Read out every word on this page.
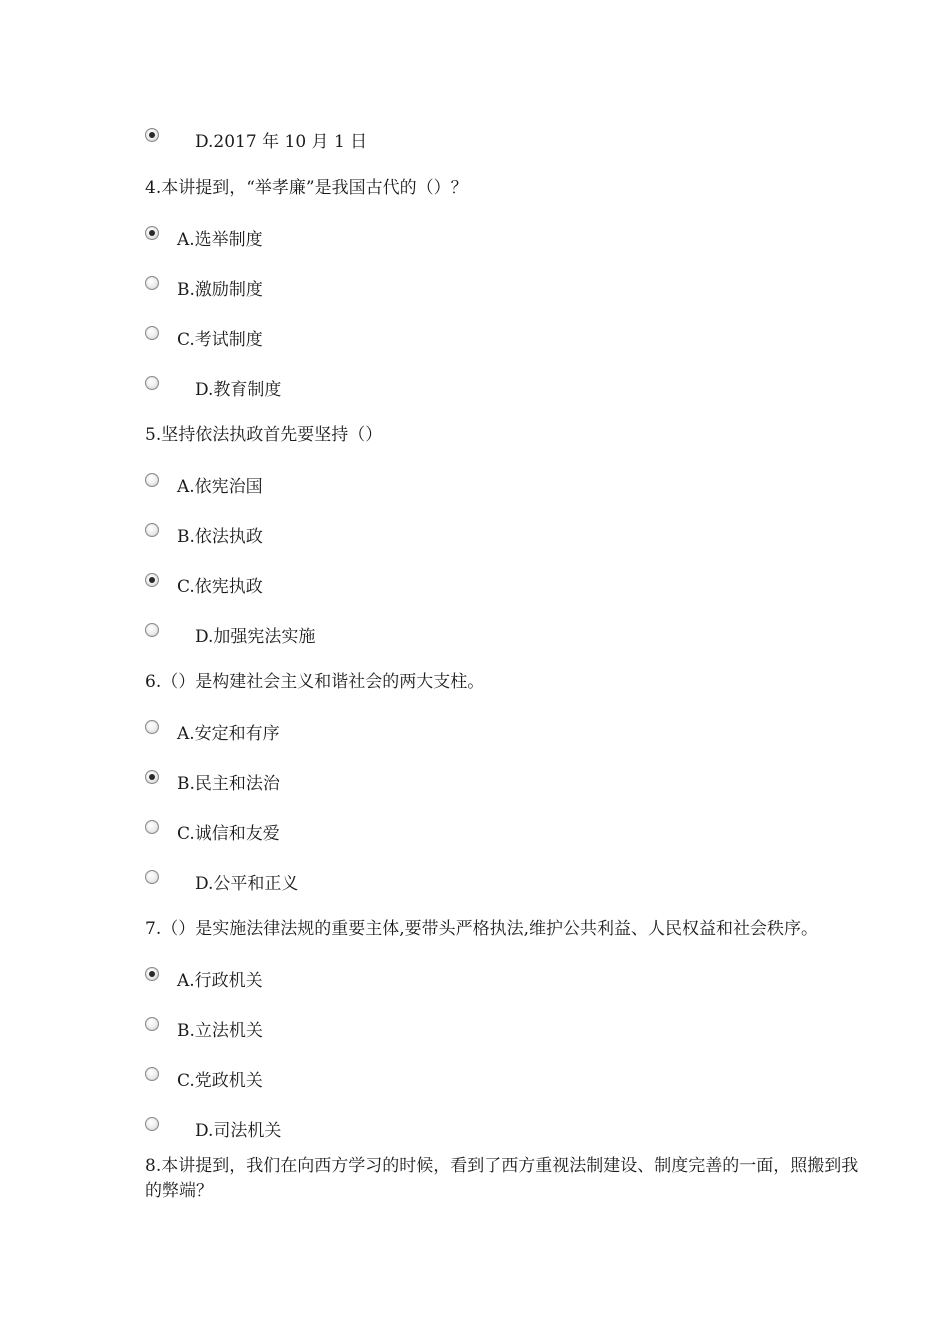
D.2017 年 10 月 1 日
4.本讲提到，“举孝廉”是我国古代的（）？
A.选举制度
B.激励制度
C.考试制度
D.教育制度
5.坚持依法执政首先要坚持（）
A.依宪治国
B.依法执政
C.依宪执政
D.加强宪法实施
6.（）是构建社会主义和谐社会的两大支柱。
A.安定和有序
B.民主和法治
C.诚信和友爱
D.公平和正义
7.（）是实施法律法规的重要主体,要带头严格执法,维护公共利益、人民权益和社会秩序。
A.行政机关
B.立法机关
C.党政机关
D.司法机关
8.本讲提到，我们在向西方学习的时候，看到了西方重视法制建设、制度完善的一面，照搬到我
的弊端？
